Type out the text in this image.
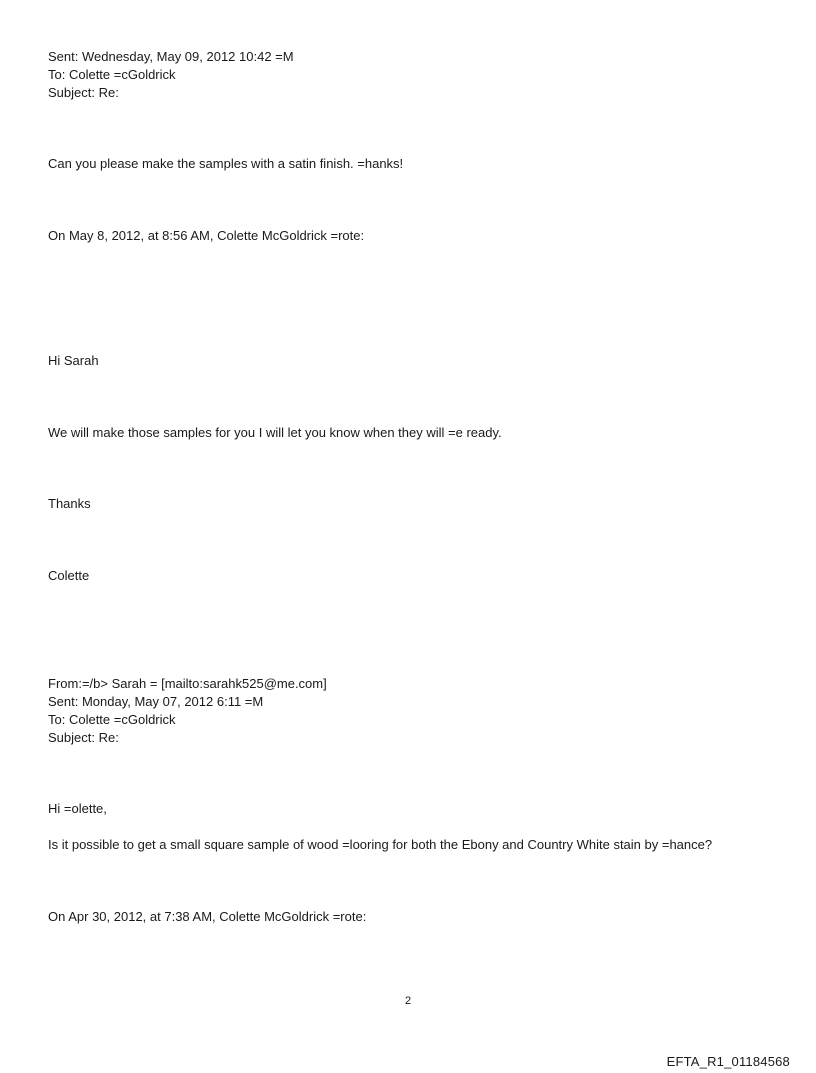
Sent: Wednesday, May 09, 2012 10:42 =M
To: Colette =cGoldrick
Subject: Re:
Can you please make the samples with a satin finish. =hanks!
On May 8, 2012, at 8:56 AM, Colette McGoldrick =rote:
Hi Sarah
We will make those samples for you I will let you know when they will =e ready.
Thanks
Colette
From:=/b> Sarah = [mailto:sarahk525@me.com]
Sent: Monday, May 07, 2012 6:11 =M
To: Colette =cGoldrick
Subject: Re:
Hi =olette,
Is it possible to get a small square sample of wood =looring for both the Ebony and Country White stain by =hance?
On Apr 30, 2012, at 7:38 AM, Colette McGoldrick =rote:
2
EFTA_R1_01184568
